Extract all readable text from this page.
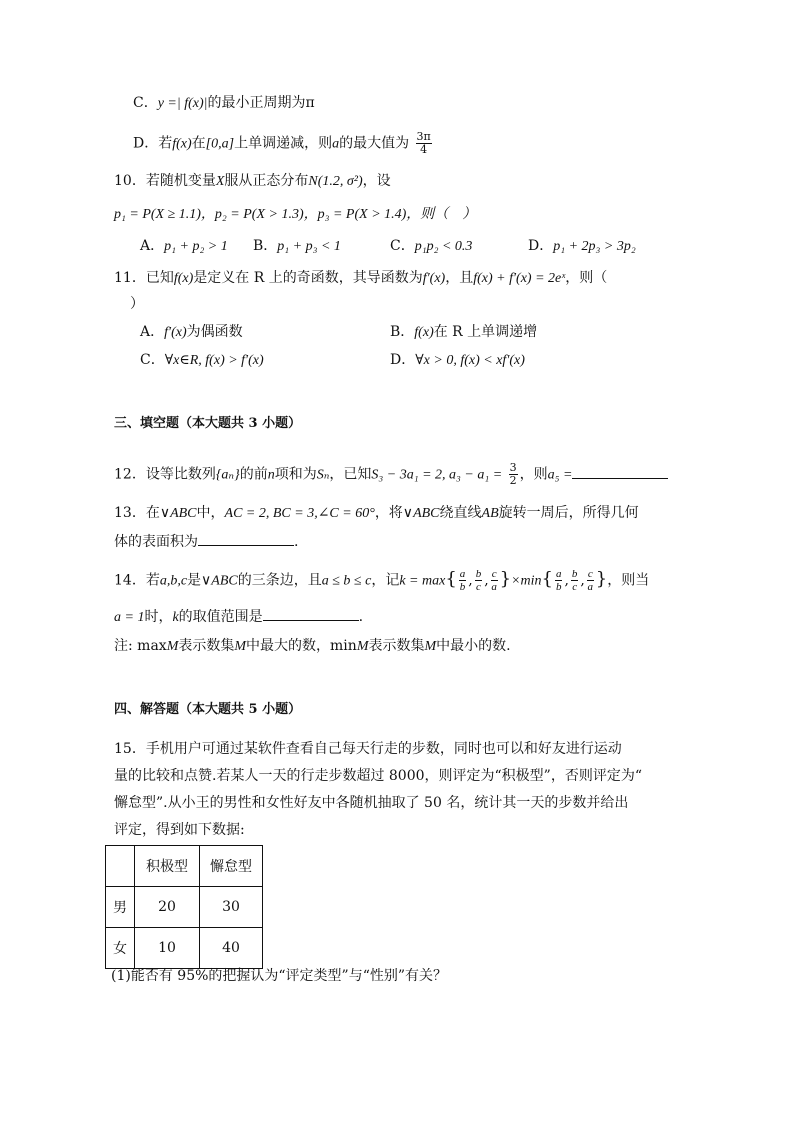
C．y =| f(x)|的最小正周期为π
D．若f(x)在[0,a]上单调递减，则a的最大值为 $\frac{3\pi}{4}$
10．若随机变量X服从正态分布N(1.2, σ²)，设
p₁ = P(X ≥ 1.1)，p₂ = P(X > 1.3)，p₃ = P(X > 1.4)，则（　）
A．p₁ + p₂ > 1 B．p₁ + p₃ < 1	C．p₁p₂ < 0.3	D．p₁ + 2p₃ > 3p₂
11．已知f(x)是定义在 R 上的奇函数，其导函数为f′(x)，且f(x) + f′(x) = 2eˣ，则（
）
A．f′(x)为偶函数	B．f(x)在 R 上单调递增
C．∀x∈R, f(x) > f′(x)	D．∀x > 0, f(x) < xf′(x)
三、填空题（本大题共 3 小题）
12．设等比数列{aₙ}的前n项和为Sₙ，已知S₃ − 3a₁ = 2, $a_3 - a_1 = \frac{3}{2}$ ，则a₅ =
13．在∨ABC中，AC = 2, BC = 3,∠C = 60°，将∨ABC绕直线AB旋转一周后，所得几何
体的表面积为	.
14．若a,b,c是∨ABC的三条边，且a ≤ b ≤ c，记$k = \max\{ \frac{a}{b}$ , $\frac{b}{c}$ , $\frac{c}{a} \}\times\min\{ \frac{a}{b}$ , $\frac{b}{c}$ , $\frac{c}{a}$ }，则当
a = 1时，k的取值范围是	.
注: maxM表示数集M中最大的数，minM表示数集M中最小的数.
四、解答题（本大题共 5 小题）
15．手机用户可通过某软件查看自己每天行走的步数，同时也可以和好友进行运动
量的比较和点赞.若某人一天的行走步数超过 8000，则评定为“积极型”，否则评定为“
懈怠型”.从小王的男性和女性好友中各随机抽取了 50 名，统计其一天的步数并给出
评定，得到如下数据:
	积极型	懈怠型
男	20	30
女	10	40
(1)能否有 95%的把握认为“评定类型”与“性别”有关？
